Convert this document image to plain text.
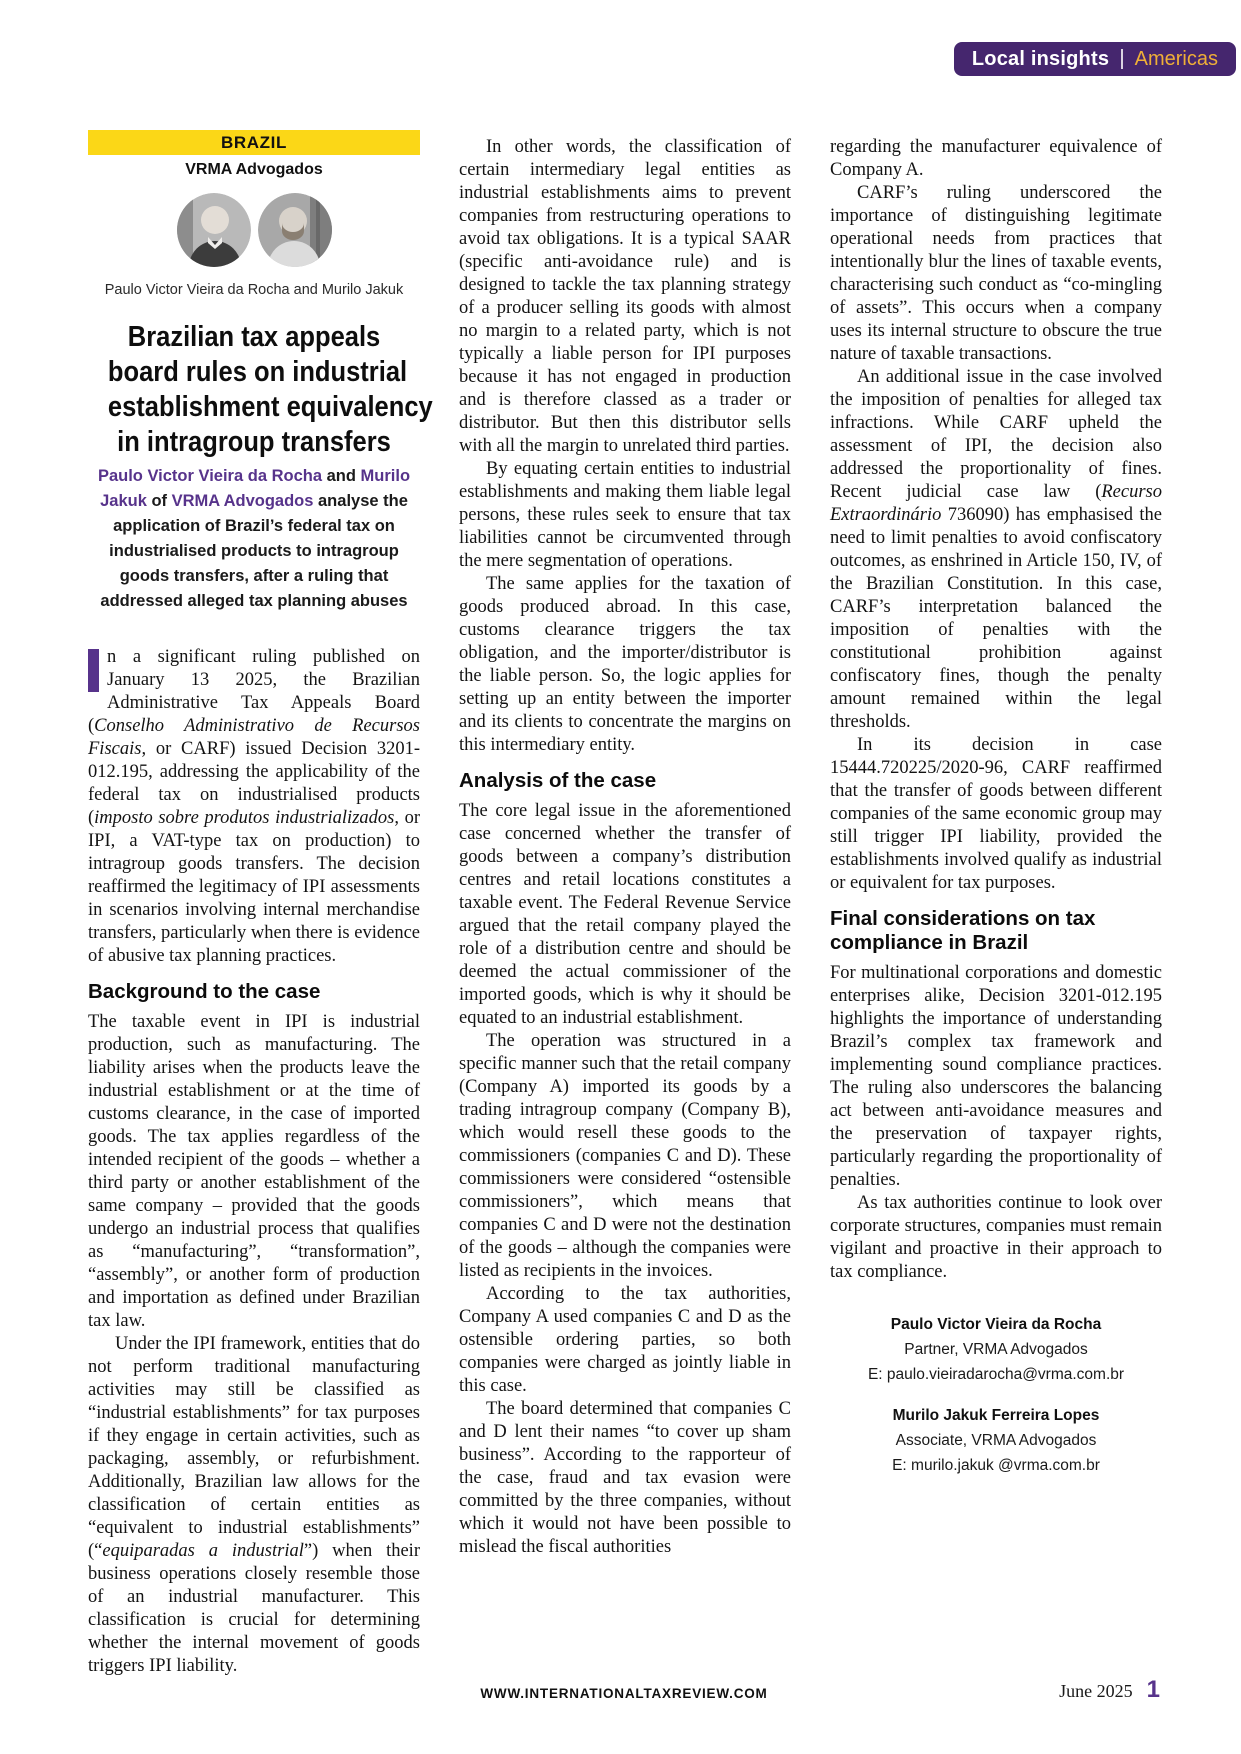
Local insights Americas
BRAZIL
VRMA Advogados
Paulo Victor Vieira da Rocha and Murilo Jakuk
Brazilian tax appeals
board rules on industrial
establishment equivalency
in intragroup transfers
Paulo Victor Vieira da Rocha and Murilo Jakuk of VRMA Advogados analyse the application of Brazil’s federal tax on industrialised products to intragroup goods transfers, after a ruling that addressed alleged tax planning abuses

n a significant ruling published on January 13 2025, the Brazilian Administrative Tax Appeals Board (Conselho Administrativo de Recursos Fiscais, or CARF) issued Decision 3201-012.195, addressing the applicability of the federal tax on industrialised products (imposto sobre produtos industrializados, or IPI, a VAT-type tax on production) to intragroup goods transfers. The decision reaffirmed the legitimacy of IPI assessments in scenarios involving internal merchandise transfers, particularly when there is evidence of abusive tax planning practices.

Background to the case

The taxable event in IPI is industrial production, such as manufacturing. The liability arises when the products leave the industrial establishment or at the time of customs clearance, in the case of imported goods. The tax applies regardless of the intended recipient of the goods – whether a third party or another establishment of the same company – provided that the goods undergo an industrial process that qualifies as “manufacturing”, “transformation”, “assembly”, or another form of production and importation as defined under Brazilian tax law.

Under the IPI framework, entities that do not perform traditional manufacturing activities may still be classified as “industrial establishments” for tax purposes if they engage in certain activities, such as packaging, assembly, or refurbishment. Additionally, Brazilian law allows for the classification of certain entities as “equivalent to industrial establishments” (“equiparadas a industrial”) when their business operations closely resemble those of an industrial manufacturer. This classification is crucial for determining whether the internal movement of goods triggers IPI liability.

In other words, the classification of certain intermediary legal entities as industrial establishments aims to prevent companies from restructuring operations to avoid tax obligations. It is a typical SAAR (specific anti-avoidance rule) and is designed to tackle the tax planning strategy of a producer selling its goods with almost no margin to a related party, which is not typically a liable person for IPI purposes because it has not engaged in production and is therefore classed as a trader or distributor. But then this distributor sells with all the margin to unrelated third parties.

By equating certain entities to industrial establishments and making them liable legal persons, these rules seek to ensure that tax liabilities cannot be circumvented through the mere segmentation of operations.

The same applies for the taxation of goods produced abroad. In this case, customs clearance triggers the tax obligation, and the importer/distributor is the liable person. So, the logic applies for setting up an entity between the importer and its clients to concentrate the margins on this intermediary entity.

Analysis of the case

The core legal issue in the aforementioned case concerned whether the transfer of goods between a company’s distribution centres and retail locations constitutes a taxable event. The Federal Revenue Service argued that the retail company played the role of a distribution centre and should be deemed the actual commissioner of the imported goods, which is why it should be equated to an industrial establishment.

The operation was structured in a specific manner such that the retail company (Company A) imported its goods by a trading intragroup company (Company B), which would resell these goods to the commissioners (companies C and D). These commissioners were considered “ostensible commissioners”, which means that companies C and D were not the destination of the goods – although the companies were listed as recipients in the invoices.

According to the tax authorities, Company A used companies C and D as the ostensible ordering parties, so both companies were charged as jointly liable in this case.

The board determined that companies C and D lent their names “to cover up sham business”. According to the rapporteur of the case, fraud and tax evasion were committed by the three companies, without which it would not have been possible to mislead the fiscal authorities

regarding the manufacturer equivalence of Company A.

CARF’s ruling underscored the importance of distinguishing legitimate operational needs from practices that intentionally blur the lines of taxable events, characterising such conduct as “co-mingling of assets”. This occurs when a company uses its internal structure to obscure the true nature of taxable transactions.

An additional issue in the case involved the imposition of penalties for alleged tax infractions. While CARF upheld the assessment of IPI, the decision also addressed the proportionality of fines. Recent judicial case law (Recurso Extraordinário 736090) has emphasised the need to limit penalties to avoid confiscatory outcomes, as enshrined in Article 150, IV, of the Brazilian Constitution. In this case, CARF’s interpretation balanced the imposition of penalties with the constitutional prohibition against confiscatory fines, though the penalty amount remained within the legal thresholds.

In its decision in case 15444.720225/2020-96, CARF reaffirmed that the transfer of goods between different companies of the same economic group may still trigger IPI liability, provided the establishments involved qualify as industrial or equivalent for tax purposes.

Final considerations on tax compliance in Brazil

For multinational corporations and domestic enterprises alike, Decision 3201-012.195 highlights the importance of understanding Brazil’s complex tax framework and implementing sound compliance practices. The ruling also underscores the balancing act between anti-avoidance measures and the preservation of taxpayer rights, particularly regarding the proportionality of penalties.

As tax authorities continue to look over corporate structures, companies must remain vigilant and proactive in their approach to tax compliance.

Paulo Victor Vieira da Rocha
Partner, VRMA Advogados
E: paulo.vieiradarocha@vrma.com.br
Murilo Jakuk Ferreira Lopes
Associate, VRMA Advogados
E: murilo.jakuk @vrma.com.br
WWW.INTERNATIONALTAXREVIEW.COM	June 2025 1
